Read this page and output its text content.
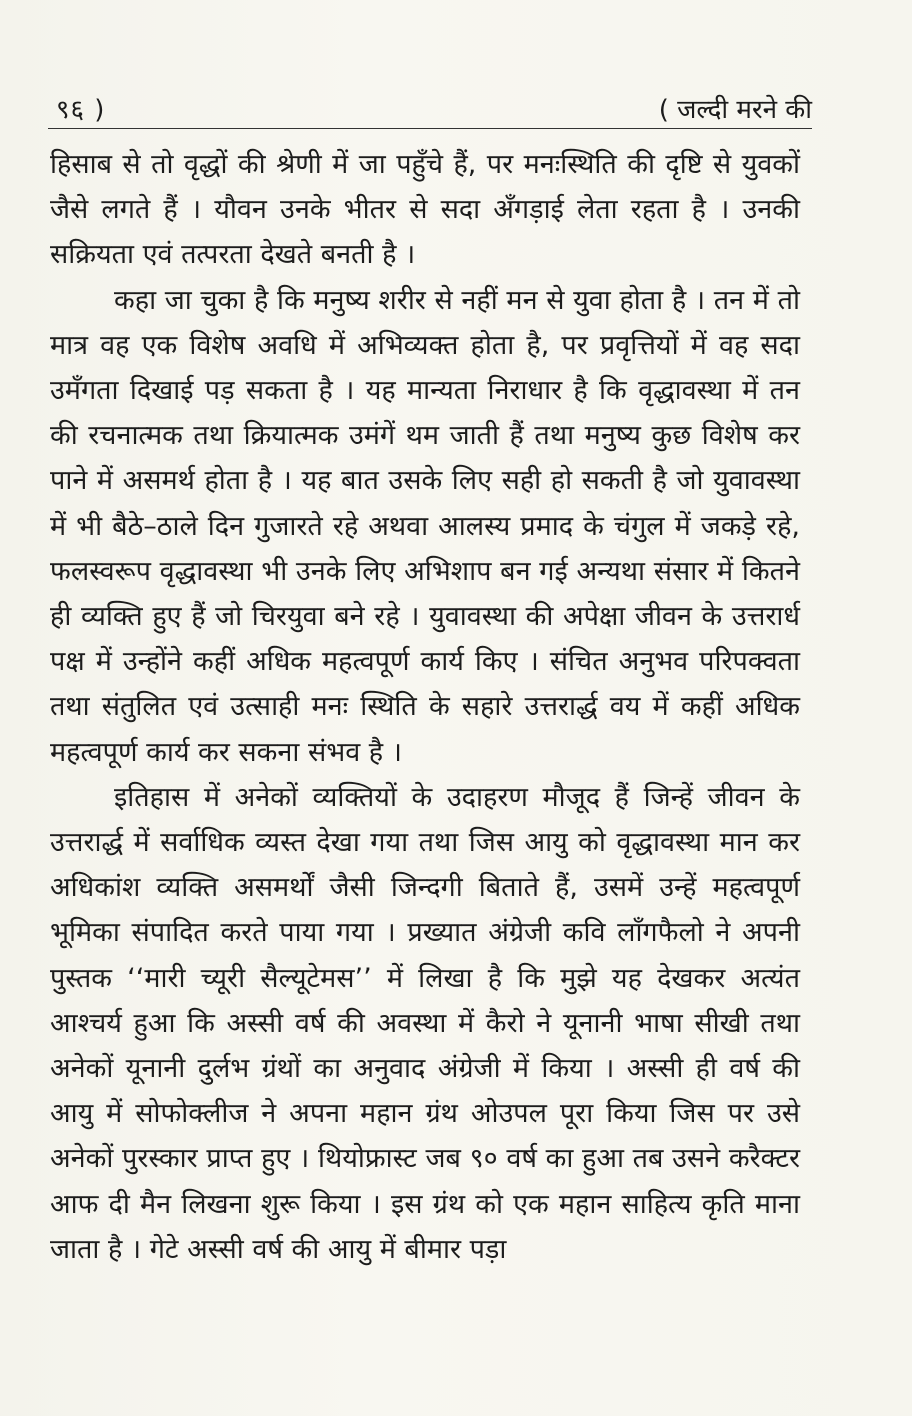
९६ )	( जल्दी मरने की

हिसाब से तो वृद्धों की श्रेणी में जा पहुँचे हैं, पर मनःस्थिति की दृष्टि से युवकों जैसे लगते हैं । यौवन उनके भीतर से सदा अँगड़ाई लेता रहता है । उनकी सक्रियता एवं तत्परता देखते बनती है ।

कहा जा चुका है कि मनुष्य शरीर से नहीं मन से युवा होता है । तन में तो मात्र वह एक विशेष अवधि में अभिव्यक्त होता है, पर प्रवृत्तियों में वह सदा उमँगता दिखाई पड़ सकता है । यह मान्यता निराधार है कि वृद्धावस्था में तन की रचनात्मक तथा क्रियात्मक उमंगें थम जाती हैं तथा मनुष्य कुछ विशेष कर पाने में असमर्थ होता है । यह बात उसके लिए सही हो सकती है जो युवावस्था में भी बैठे–ठाले दिन गुजारते रहे अथवा आलस्य प्रमाद के चंगुल में जकड़े रहे, फलस्वरूप वृद्धावस्था भी उनके लिए अभिशाप बन गई अन्यथा संसार में कितने ही व्यक्ति हुए हैं जो चिरयुवा बने रहे । युवावस्था की अपेक्षा जीवन के उत्तरार्ध पक्ष में उन्होंने कहीं अधिक महत्वपूर्ण कार्य किए । संचित अनुभव परिपक्वता तथा संतुलित एवं उत्साही मनः स्थिति के सहारे उत्तरार्द्ध वय में कहीं अधिक महत्वपूर्ण कार्य कर सकना संभव है ।

इतिहास में अनेकों व्यक्तियों के उदाहरण मौजूद हैं जिन्हें जीवन के उत्तरार्द्ध में सर्वाधिक व्यस्त देखा गया तथा जिस आयु को वृद्धावस्था मान कर अधिकांश व्यक्ति असमर्थों जैसी जिन्दगी बिताते हैं, उसमें उन्हें महत्वपूर्ण भूमिका संपादित करते पाया गया । प्रख्यात अंग्रेजी कवि लाँगफैलो ने अपनी पुस्तक ‘‘मारी च्यूरी सैल्यूटेमस’’ में लिखा है कि मुझे यह देखकर अत्यंत आश्चर्य हुआ कि अस्सी वर्ष की अवस्था में कैरो ने यूनानी भाषा सीखी तथा अनेकों यूनानी दुर्लभ ग्रंथों का अनुवाद अंग्रेजी में किया । अस्सी ही वर्ष की आयु में सोफोक्लीज ने अपना महान ग्रंथ ओउपल पूरा किया जिस पर उसे अनेकों पुरस्कार प्राप्त हुए । थियोफ्रास्ट जब ९० वर्ष का हुआ तब उसने करैक्टर आफ दी मैन लिखना शुरू किया । इस ग्रंथ को एक महान साहित्य कृति माना जाता है । गेटे अस्सी वर्ष की आयु में बीमार पड़ा
